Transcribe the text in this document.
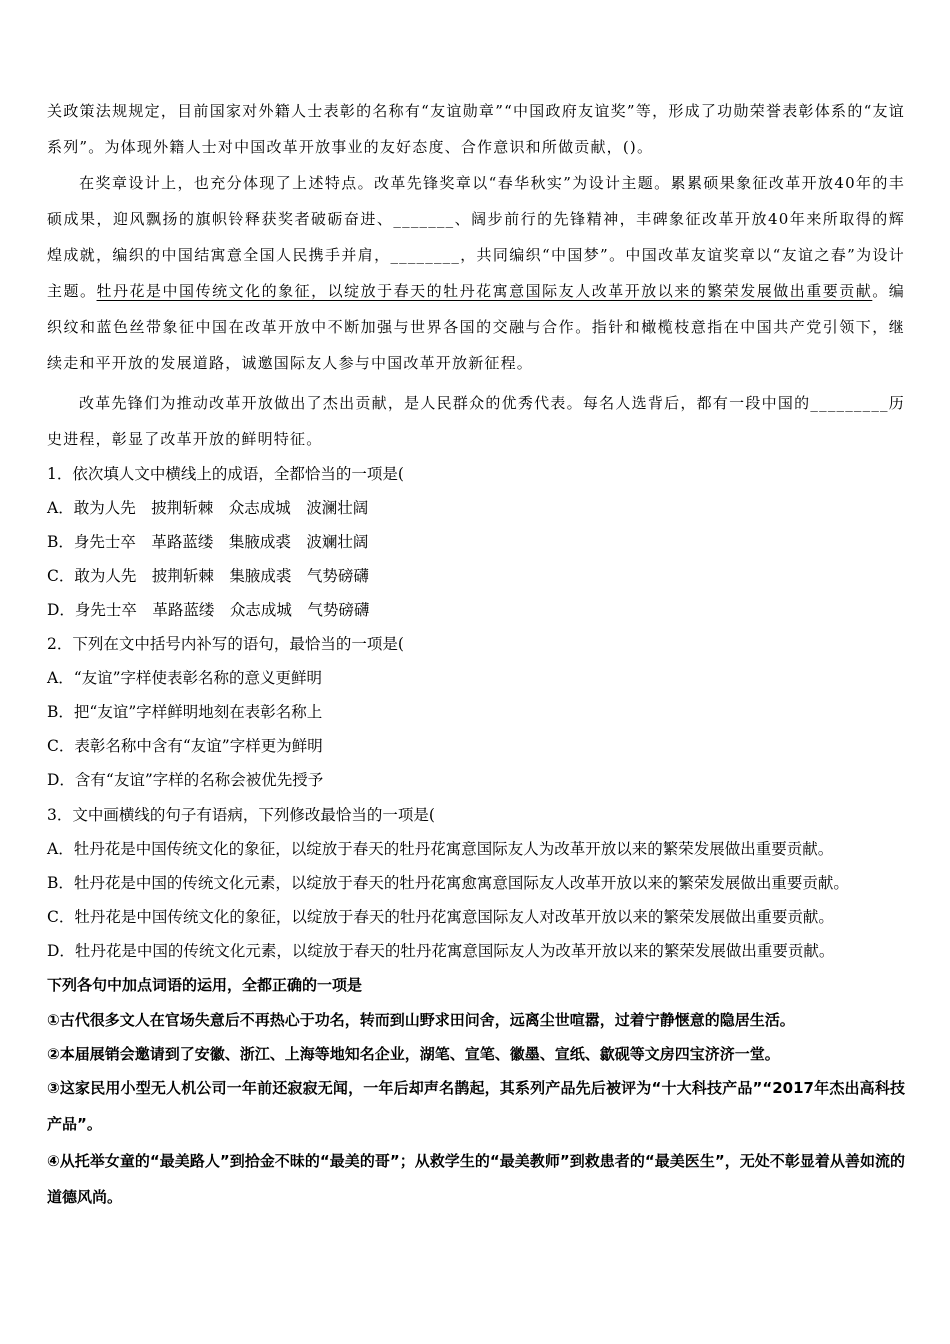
关政策法规规定，目前国家对外籍人士表彰的名称有“友谊勋章”“中国政府友谊奖”等，形成了功勋荣誉表彰体系的“友谊系列”。为体现外籍人士对中国改革开放事业的友好态度、合作意识和所做贡献，()。
在奖章设计上，也充分体现了上述特点。改革先锋奖章以“春华秋实”为设计主题。累累硕果象征改革开放40年的丰硕成果，迎风飘扬的旗帜铃释获奖者破砺奋进、_______、阔步前行的先锋精神，丰碑象征改革开放40年来所取得的辉煌成就，编织的中国结寓意全国人民携手并肩，________，共同编织“中国梦”。中国改革友谊奖章以“友谊之春”为设计主题。牡丹花是中国传统文化的象征，以绽放于春天的牡丹花寓意国际友人改革开放以来的繁荣发展做出重要贡献。编织纹和蓝色丝带象征中国在改革开放中不断加强与世界各国的交融与合作。指针和橄榄枝意指在中国共产党引领下，继续走和平开放的发展道路，诚邀国际友人参与中国改革开放新征程。
改革先锋们为推动改革开放做出了杰出贡献，是人民群众的优秀代表。每名人选背后，都有一段中国的_________历史进程，彰显了改革开放的鲜明特征。
1．依次填人文中横线上的成语，全都恰当的一项是(
A．敢为人先　披荆斩棘　众志成城　波澜壮阔
B．身先士卒　革路蓝缕　集腋成裘　波斓壮阔
C．敢为人先　披荆斩棘　集腋成裘　气势磅礴
D．身先士卒　革路蓝缕　众志成城　气势磅礴
2．下列在文中括号内补写的语句，最恰当的一项是(
A．“友谊”字样使表彰名称的意义更鲜明
B．把“友谊”字样鲜明地刻在表彰名称上
C．表彰名称中含有“友谊”字样更为鲜明
D．含有“友谊”字样的名称会被优先授予
3．文中画横线的句子有语病，下列修改最恰当的一项是(
A．牡丹花是中国传统文化的象征，以绽放于春天的牡丹花寓意国际友人为改革开放以来的繁荣发展做出重要贡献。
B．牡丹花是中国的传统文化元素，以绽放于春天的牡丹花寓愈寓意国际友人改革开放以来的繁荣发展做出重要贡献。
C．牡丹花是中国传统文化的象征，以绽放于春天的牡丹花寓意国际友人对改革开放以来的繁荣发展做出重要贡献。
D．牡丹花是中国的传统文化元素，以绽放于春天的牡丹花寓意国际友人为改革开放以来的繁荣发展做出重要贡献。
下列各句中加点词语的运用，全都正确的一项是
①古代很多文人在官场失意后不再热心于功名，转而到山野求田问舍，远离尘世喧嚣，过着宁静惬意的隐居生活。
②本届展销会邀请到了安徽、浙江、上海等地知名企业，湖笔、宣笔、徽墨、宣纸、歙砚等文房四宝济济一堂。
③这家民用小型无人机公司一年前还寂寂无闻，一年后却声名鹊起，其系列产品先后被评为“十大科技产品”“2017年杰出高科技产品”。
④从托举女童的“最美路人”到拾金不昧的“最美的哥”；从救学生的“最美教师”到救患者的“最美医生”，无处不彰显着从善如流的道德风尚。
